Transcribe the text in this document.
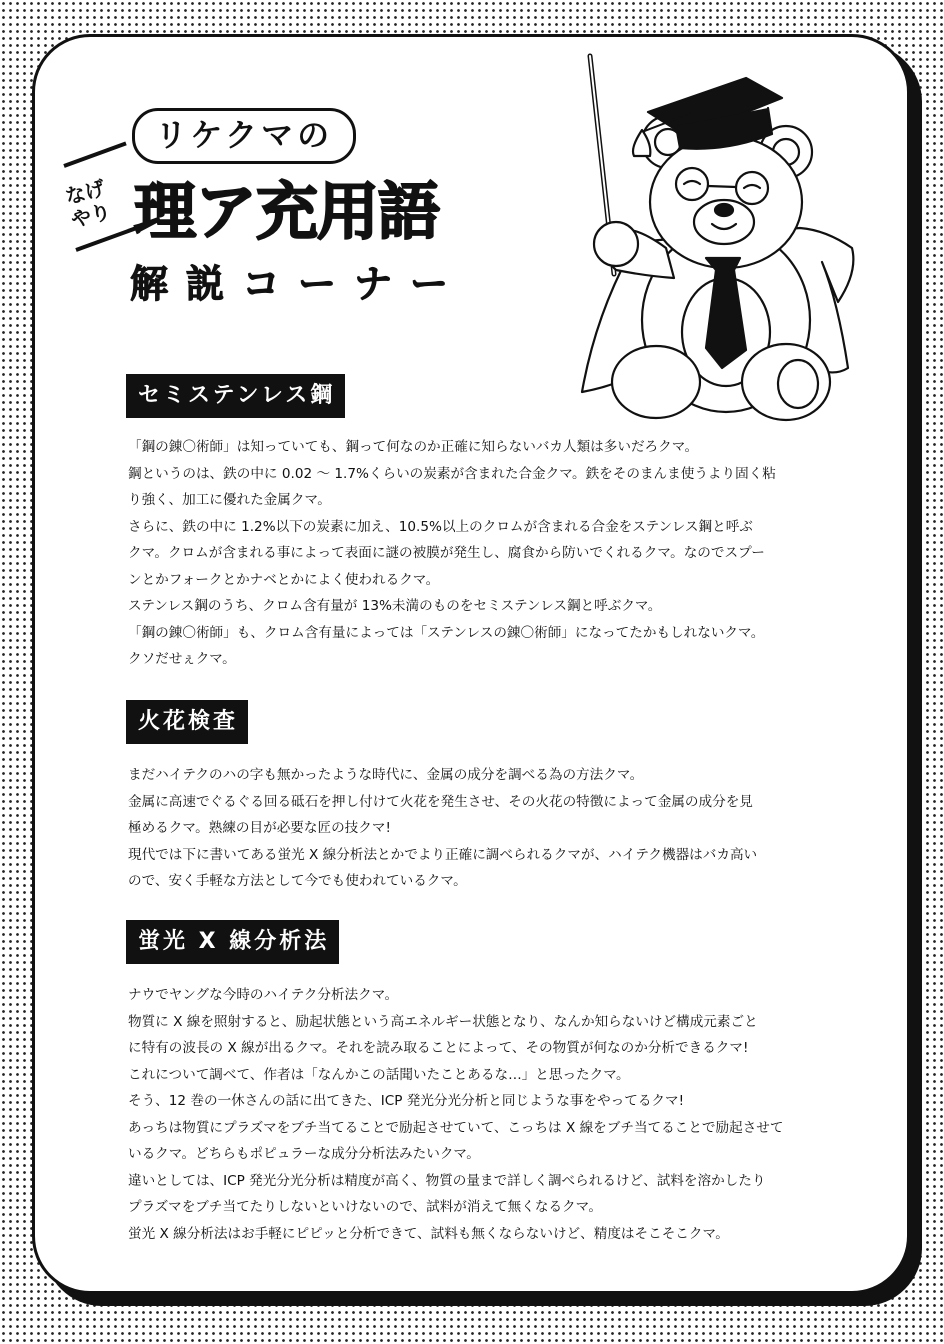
リケクマの
なげ
やり 理ア充用語
解説コーナー
セミステンレス鋼

「鋼の錬〇術師」は知っていても、鋼って何なのか正確に知らないバカ人類は多いだろクマ。

鋼というのは、鉄の中に 0.02 ～ 1.7%くらいの炭素が含まれた合金クマ。鉄をそのまんま使うより固く粘

り強く、加工に優れた金属クマ。

さらに、鉄の中に 1.2%以下の炭素に加え、10.5%以上のクロムが含まれる合金をステンレス鋼と呼ぶ

クマ。クロムが含まれる事によって表面に謎の被膜が発生し、腐食から防いでくれるクマ。なのでスプー

ンとかフォークとかナベとかによく使われるクマ。

ステンレス鋼のうち、クロム含有量が 13%未満のものをセミステンレス鋼と呼ぶクマ。

「鋼の錬〇術師」も、クロム含有量によっては「ステンレスの錬〇術師」になってたかもしれないクマ。

クソだせぇクマ。

火花検査

まだハイテクのハの字も無かったような時代に、金属の成分を調べる為の方法クマ。

金属に高速でぐるぐる回る砥石を押し付けて火花を発生させ、その火花の特徴によって金属の成分を見

極めるクマ。熟練の目が必要な匠の技クマ!

現代では下に書いてある蛍光 X 線分析法とかでより正確に調べられるクマが、ハイテク機器はバカ高い

ので、安く手軽な方法として今でも使われているクマ。

蛍光 X 線分析法

ナウでヤングな今時のハイテク分析法クマ。

物質に X 線を照射すると、励起状態という高エネルギー状態となり、なんか知らないけど構成元素ごと

に特有の波長の X 線が出るクマ。それを読み取ることによって、その物質が何なのか分析できるクマ!

これについて調べて、作者は「なんかこの話聞いたことあるな…」と思ったクマ。

そう、12 巻の一休さんの話に出てきた、ICP 発光分光分析と同じような事をやってるクマ!

あっちは物質にプラズマをブチ当てることで励起させていて、こっちは X 線をブチ当てることで励起させて

いるクマ。どちらもポピュラーな成分分析法みたいクマ。

違いとしては、ICP 発光分光分析は精度が高く、物質の量まで詳しく調べられるけど、試料を溶かしたり

プラズマをブチ当てたりしないといけないので、試料が消えて無くなるクマ。

蛍光 X 線分析法はお手軽にピピッと分析できて、試料も無くならないけど、精度はそこそこクマ。
